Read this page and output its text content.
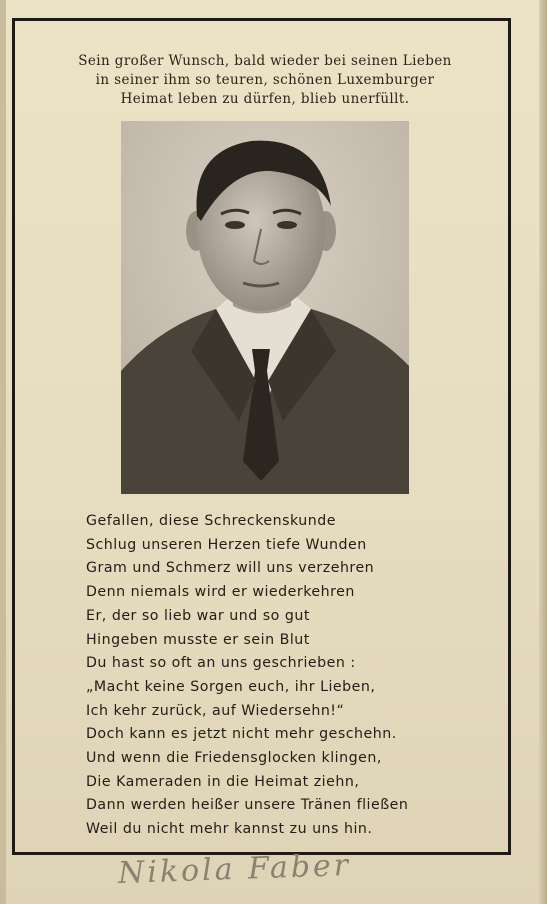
Sein großer Wunsch, bald wieder bei seinen Lieben
in seiner ihm so teuren, schönen Luxemburger
Heimat leben zu dürfen, blieb unerfüllt.
Gefallen, diese Schreckenskunde
Schlug unseren Herzen tiefe Wunden
Gram und Schmerz will uns verzehren
Denn niemals wird er wiederkehren
Er, der so lieb war und so gut
Hingeben musste er sein Blut
Du hast so oft an uns geschrieben :
„Macht keine Sorgen euch, ihr Lieben,
Ich kehr zurück, auf Wiedersehn!“
Doch kann es jetzt nicht mehr geschehn.
Und wenn die Friedensglocken klingen,
Die Kameraden in die Heimat ziehn,
Dann werden heißer unsere Tränen fließen
Weil du nicht mehr kannst zu uns hin.
Nikola Faber
